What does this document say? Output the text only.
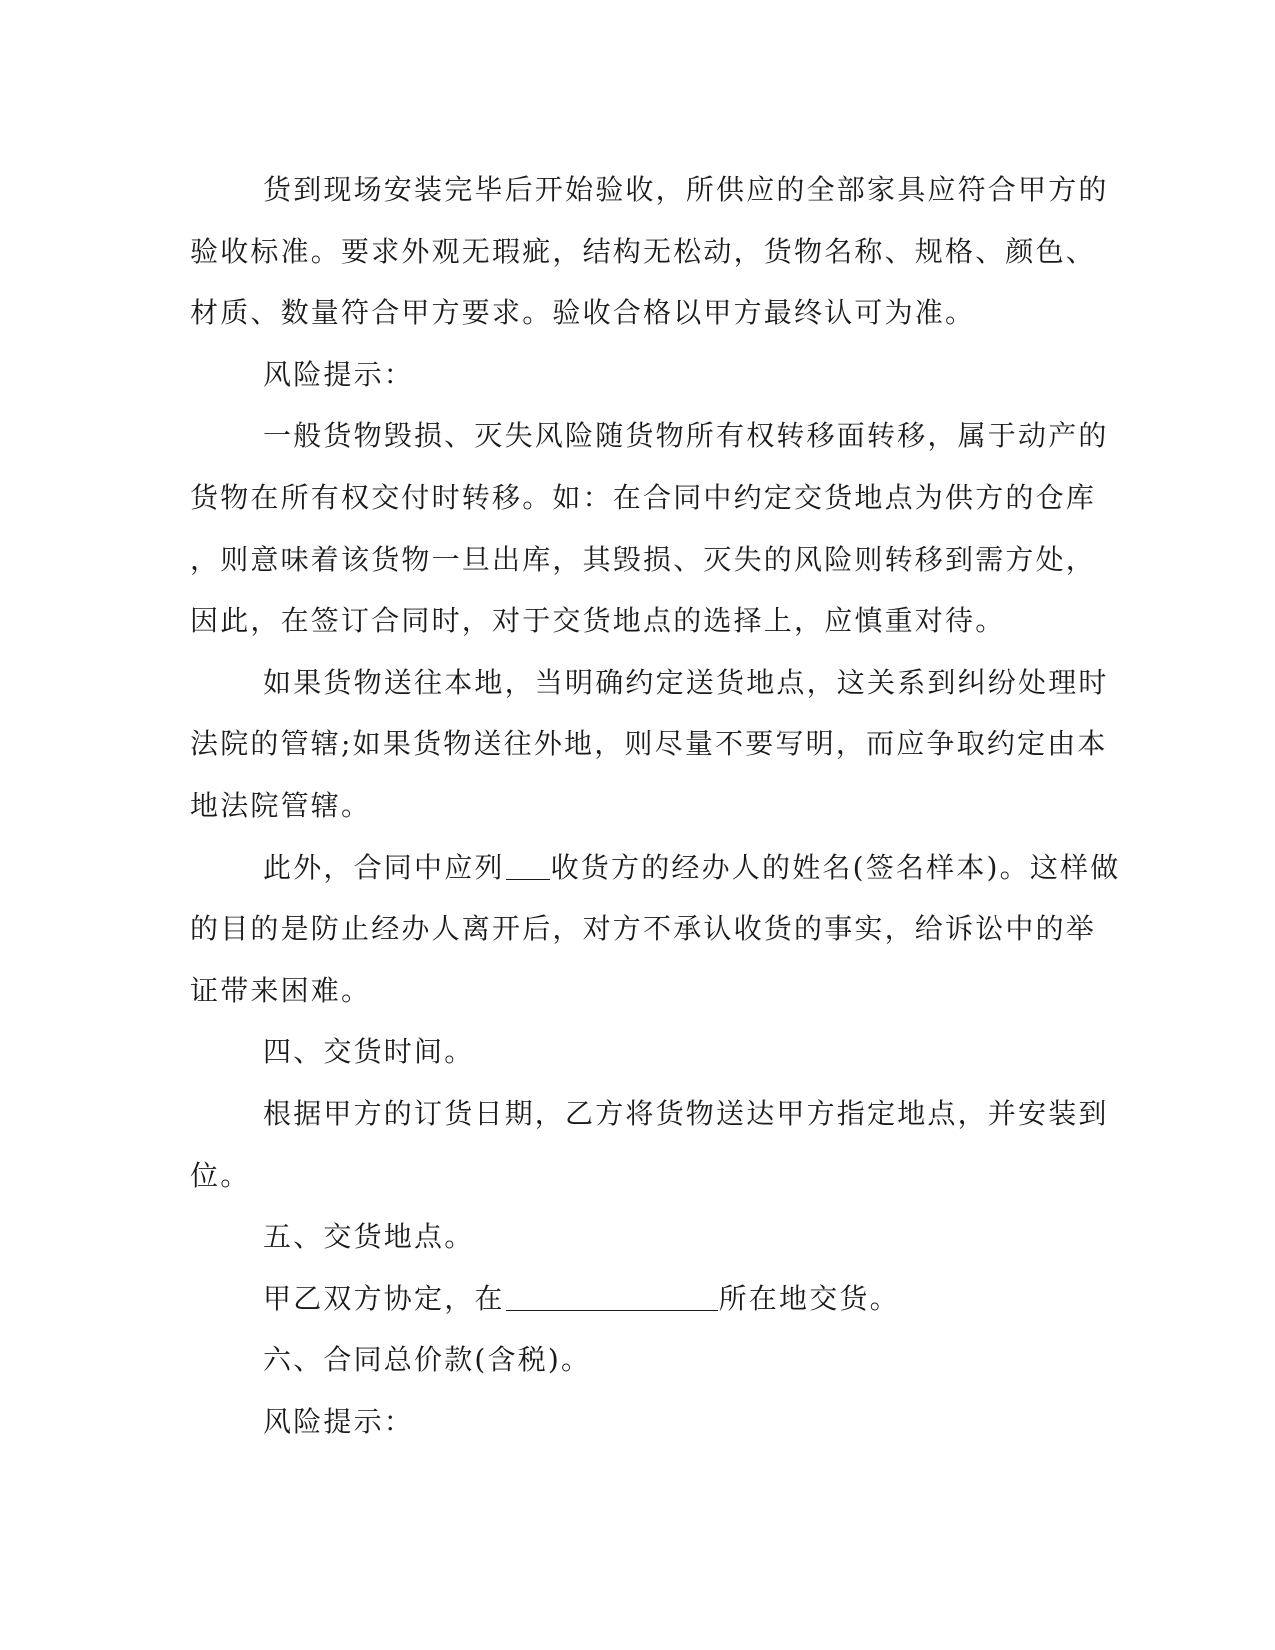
货到现场安装完毕后开始验收，所供应的全部家具应符合甲方的
验收标准。要求外观无瑕疵，结构无松动，货物名称、规格、颜色、
材质、数量符合甲方要求。验收合格以甲方最终认可为准。
风险提示：
一般货物毁损、灭失风险随货物所有权转移面转移，属于动产的
货物在所有权交付时转移。如：在合同中约定交货地点为供方的仓库
，则意味着该货物一旦出库，其毁损、灭失的风险则转移到需方处，
因此，在签订合同时，对于交货地点的选择上，应慎重对待。
如果货物送往本地，当明确约定送货地点，这关系到纠纷处理时
法院的管辖;如果货物送往外地，则尽量不要写明，而应争取约定由本
地法院管辖。
此外，合同中应列 收货方的经办人的姓名(签名样本)。这样做
的目的是防止经办人离开后，对方不承认收货的事实，给诉讼中的举
证带来困难。
四、交货时间。
根据甲方的订货日期，乙方将货物送达甲方指定地点，并安装到
位。
五、交货地点。
甲乙双方协定，在	所在地交货。
六、合同总价款(含税)。
风险提示：
